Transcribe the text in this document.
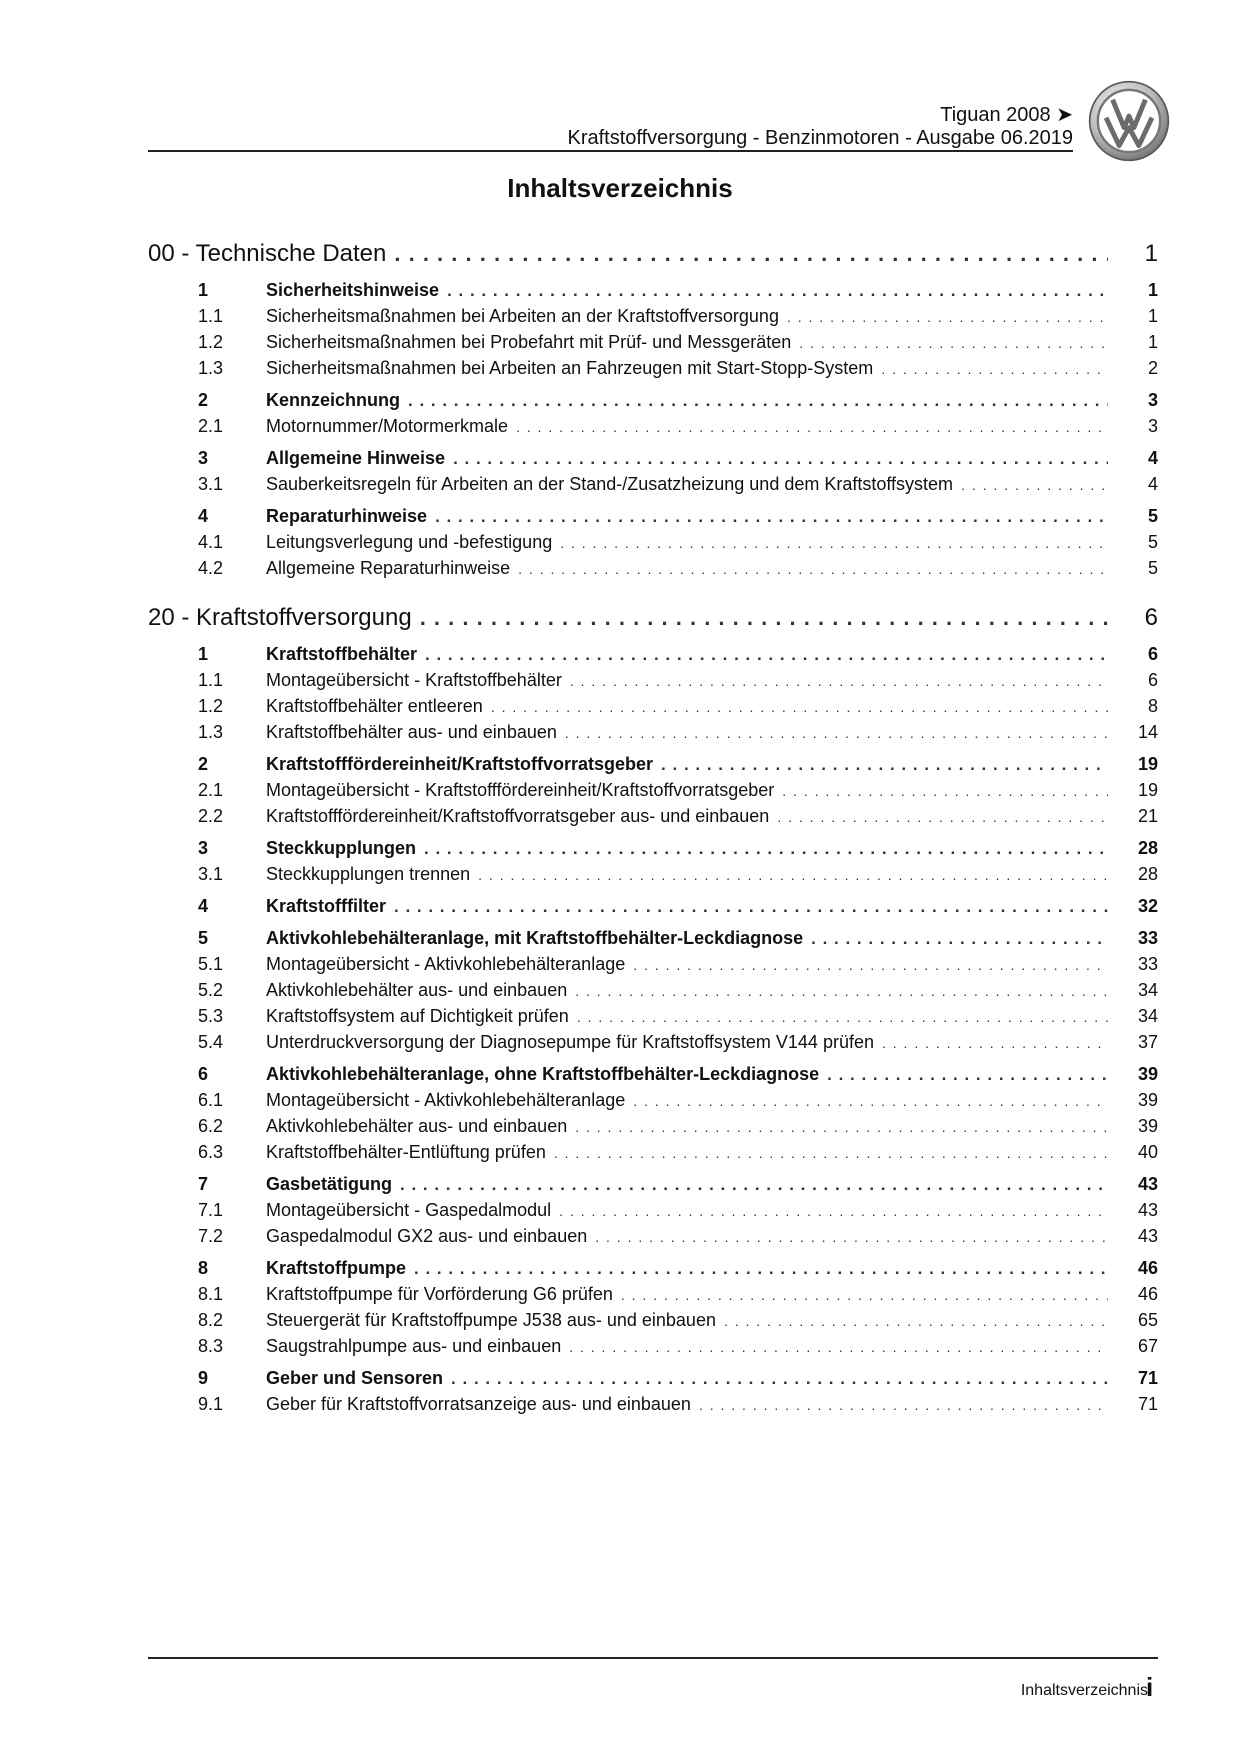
Tiguan 2008 ➤
Kraftstoffversorgung - Benzinmotoren - Ausgabe 06.2019
Inhaltsverzeichnis
00 - Technische Daten . . .	1
1	Sicherheitshinweise . . .	1
1.1	Sicherheitsmaßnahmen bei Arbeiten an der Kraftstoffversorgung . . .	1
1.2	Sicherheitsmaßnahmen bei Probefahrt mit Prüf- und Messgeräten . . .	1
1.3	Sicherheitsmaßnahmen bei Arbeiten an Fahrzeugen mit Start-Stopp-System . . .	2
2	Kennzeichnung . . .	3
2.1	Motornummer/Motormerkmale . . .	3
3	Allgemeine Hinweise . . .	4
3.1	Sauberkeitsregeln für Arbeiten an der Stand-/Zusatzheizung und dem Kraftstoffsystem . . .	4
4	Reparaturhinweise . . .	5
4.1	Leitungsverlegung und -befestigung . . .	5
4.2	Allgemeine Reparaturhinweise . . .	5
20 - Kraftstoffversorgung . . .	6
1	Kraftstoffbehälter . . .	6
1.1	Montageübersicht - Kraftstoffbehälter . . .	6
1.2	Kraftstoffbehälter entleeren . . .	8
1.3	Kraftstoffbehälter aus- und einbauen . . .	14
2	Kraftstofffördereinheit/Kraftstoffvorratsgeber . . .	19
2.1	Montageübersicht - Kraftstofffördereinheit/Kraftstoffvorratsgeber . . .	19
2.2	Kraftstofffördereinheit/Kraftstoffvorratsgeber aus- und einbauen . . .	21
3	Steckkupplungen . . .	28
3.1	Steckkupplungen trennen . . .	28
4	Kraftstofffilter . . .	32
5	Aktivkohlebehälteranlage, mit Kraftstoffbehälter-Leckdiagnose . . .	33
5.1	Montageübersicht - Aktivkohlebehälteranlage . . .	33
5.2	Aktivkohlebehälter aus- und einbauen . . .	34
5.3	Kraftstoffsystem auf Dichtigkeit prüfen . . .	34
5.4	Unterdruckversorgung der Diagnosepumpe für Kraftstoffsystem V144 prüfen . . .	37
6	Aktivkohlebehälteranlage, ohne Kraftstoffbehälter-Leckdiagnose . . .	39
6.1	Montageübersicht - Aktivkohlebehälteranlage . . .	39
6.2	Aktivkohlebehälter aus- und einbauen . . .	39
6.3	Kraftstoffbehälter-Entlüftung prüfen . . .	40
7	Gasbetätigung . . .	43
7.1	Montageübersicht - Gaspedalmodul . . .	43
7.2	Gaspedalmodul GX2 aus- und einbauen . . .	43
8	Kraftstoffpumpe . . .	46
8.1	Kraftstoffpumpe für Vorförderung G6 prüfen . . .	46
8.2	Steuergerät für Kraftstoffpumpe J538 aus- und einbauen . . .	65
8.3	Saugstrahlpumpe aus- und einbauen . . .	67
9	Geber und Sensoren . . .	71
9.1	Geber für Kraftstoffvorratsanzeige aus- und einbauen . . .	71
Inhaltsverzeichnis
i
